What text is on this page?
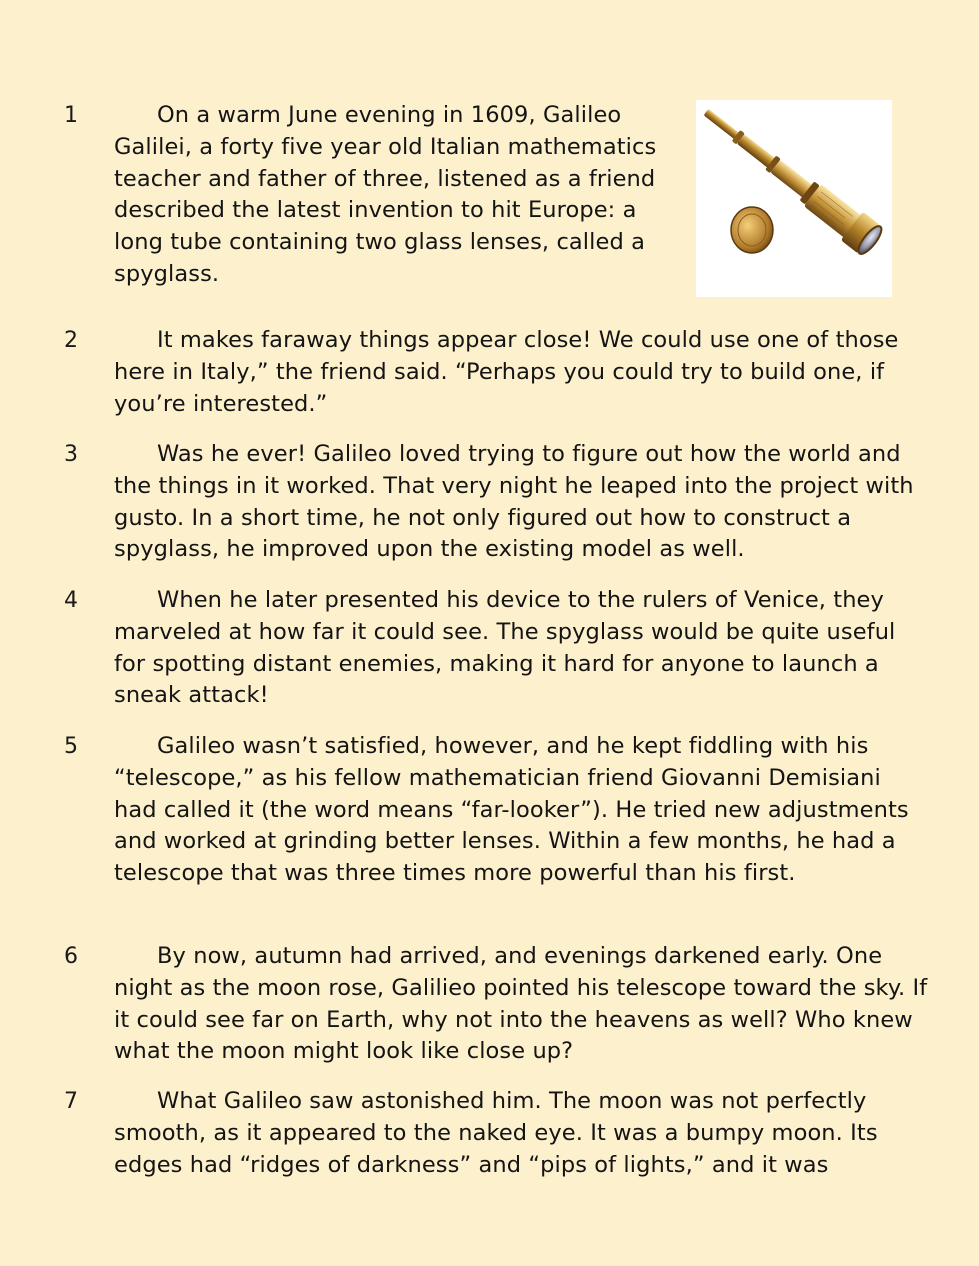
1	On a warm June evening in 1609, Galileo Galilei, a forty five year old Italian mathematics teacher and father of three, listened as a friend described the latest invention to hit Europe: a long tube containing two glass lenses, called a spyglass.

2	It makes faraway things appear close! We could use one of those here in Italy,” the friend said. “Perhaps you could try to build one, if you’re interested.”

3	Was he ever! Galileo loved trying to figure out how the world and the things in it worked. That very night he leaped into the project with gusto. In a short time, he not only figured out how to construct a spyglass, he improved upon the existing model as well.

4	When he later presented his device to the rulers of Venice, they marveled at how far it could see. The spyglass would be quite useful for spotting distant enemies, making it hard for anyone to launch a sneak attack!

5	Galileo wasn’t satisfied, however, and he kept fiddling with his “telescope,” as his fellow mathematician friend Giovanni Demisiani had called it (the word means “far-looker”). He tried new adjustments and worked at grinding better lenses. Within a few months, he had a telescope that was three times more powerful than his first.

6	By now, autumn had arrived, and evenings darkened early. One night as the moon rose, Galilieo pointed his telescope toward the sky. If it could see far on Earth, why not into the heavens as well? Who knew what the moon might look like close up?

7	What Galileo saw astonished him. The moon was not perfectly smooth, as it appeared to the naked eye. It was a bumpy moon. Its edges had “ridges of darkness” and “pips of lights,” and it was
